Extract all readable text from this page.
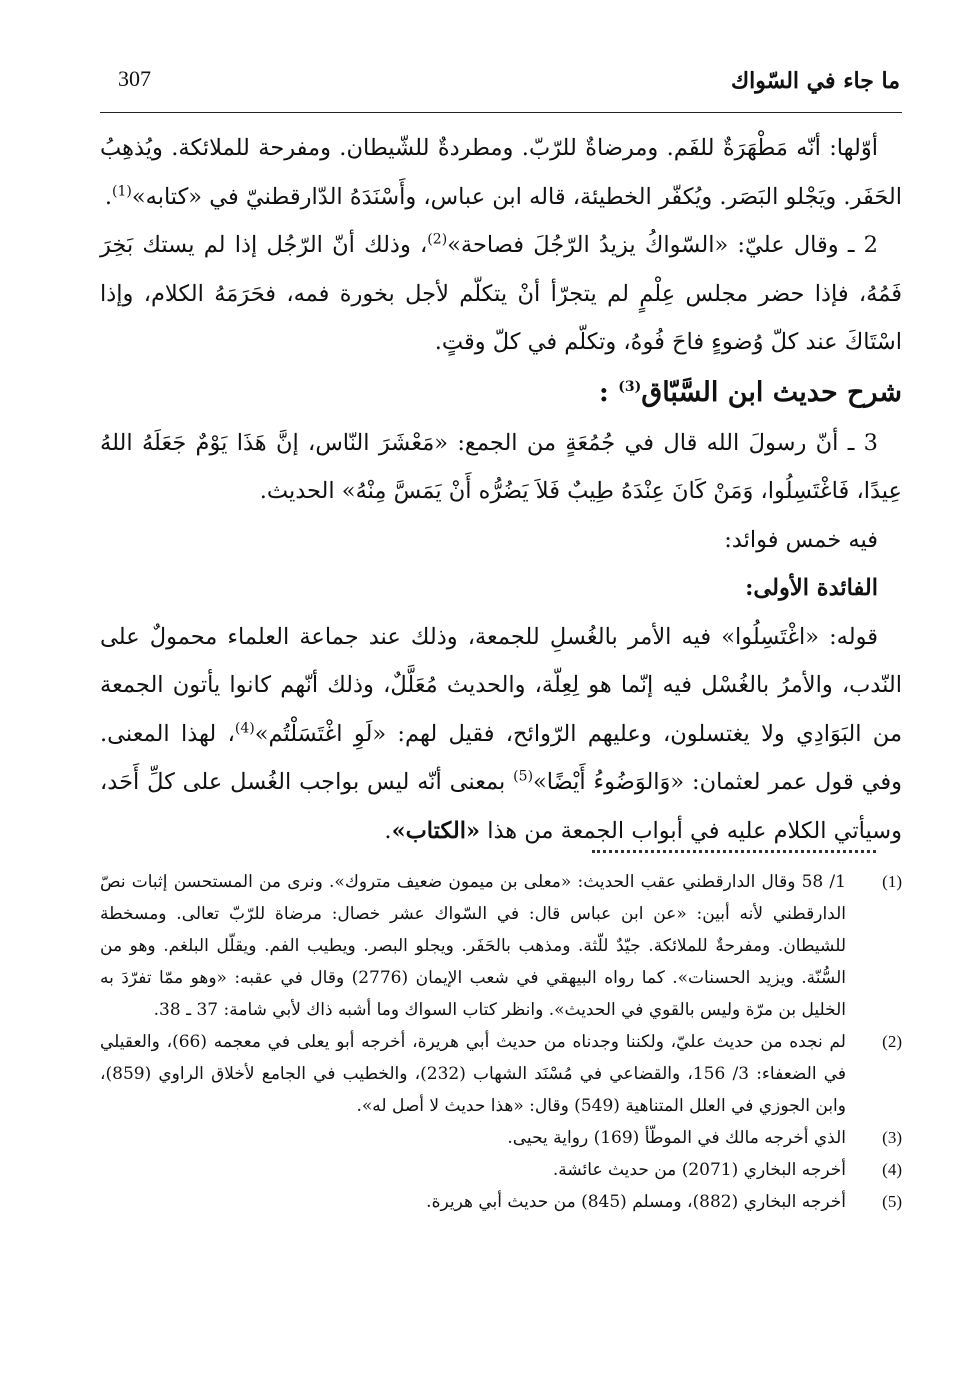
307	ما جاء في السّواك

أوّلها: أنّه مَطْهَرَةٌ للفَم. ومرضاةٌ للرّبّ. ومطردةٌ للشّيطان. ومفرحة للملائكة. ويُذهِبُ الحَفَر. ويَجْلو البَصَر. ويُكفّر الخطيئة، قاله ابن عباس، وأَسْنَدَهُ الدّارقطنيّ في «كتابه»$^{(1)}$.

2 ـ وقال عليّ: «السّواكُ يزيدُ الرّجُلَ فصاحة»$^{(2)}$، وذلك أنّ الرّجُل إذا لم يستك بَخِرَ فَمُهُ، فإذا حضر مجلس عِلْمٍ لم يتجرّأ أنْ يتكلّم لأجل بخورة فمه، فحَرَمَهُ الكلام، وإذا اسْتَاكَ عند كلّ وُضوءٍ فاحَ فُوهُ، وتكلّم في كلّ وقتٍ.

شرح حديث ابن السَّبّاق$^{(3)}$ :

3 ـ أنّ رسولَ الله قال في جُمُعَةٍ من الجمع: «مَعْشَرَ النّاس، إنَّ هَذَا يَوْمٌ جَعَلَهُ اللهُ عِيدًا، فَاغْتَسِلُوا، وَمَنْ كَانَ عِنْدَهُ طِيبٌ فَلاَ يَضُرُّه أَنْ يَمَسَّ مِنْهُ» الحديث.

فيه خمس فوائد:

الفائدة الأولى:

قوله: «اغْتَسِلُوا» فيه الأمر بالغُسلِ للجمعة، وذلك عند جماعة العلماء محمولٌ على النّدب، والأمرُ بالغُسْل فيه إنّما هو لِعِلّة، والحديث مُعَلَّلٌ، وذلك أنّهم كانوا يأتون الجمعة من البَوَادِي ولا يغتسلون، وعليهم الرّوائح، فقيل لهم: «لَوِ اغْتَسَلْتُم»$^{(4)}$، لهذا المعنى. وفي قول عمر لعثمان: «وَالوَضُوءُ أَيْضًا»$^{(5)}$ بمعنى أنّه ليس بواجب الغُسل على كلِّ أَحَد، وسيأتي الكلام عليه في أبواب الجمعة من هذا «الكتاب».

(1)
1/ 58 وقال الدارقطني عقب الحديث: «معلى بن ميمون ضعيف متروك». ونرى من المستحسن إثبات نصّ الدارقطني لأنه أبين: «عن ابن عباس قال: في السّواك عشر خصال: مرضاة للرّبّ تعالى. ومسخطة للشيطان. ومفرحةٌ للملائكة. جيّدٌ للّثة. ومذهب بالحَفَر. ويجلو البصر. ويطيب الفم. ويقلّل البلغم. وهو من السُّنّة. ويزيد الحسنات». كما رواه البيهقي في شعب الإيمان (2776) وقال في عقبه: «وهو ممّا تفرّدَ به الخليل بن مرّة وليس بالقوي في الحديث». وانظر كتاب السواك وما أشبه ذاك لأبي شامة: 37 ـ 38.
(2)
لم نجده من حديث عليّ، ولكننا وجدناه من حديث أبي هريرة، أخرجه أبو يعلى في معجمه (66)، والعقيلي في الضعفاء: 3/ 156، والقضاعي في مُسْنَد الشهاب (232)، والخطيب في الجامع لأخلاق الراوي (859)، وابن الجوزي في العلل المتناهية (549) وقال: «هذا حديث لا أصل له».
(3)
الذي أخرجه مالك في الموطّأ (169) رواية يحيى.
(4)
أخرجه البخاري (2071) من حديث عائشة.
(5)
أخرجه البخاري (882)، ومسلم (845) من حديث أبي هريرة.
